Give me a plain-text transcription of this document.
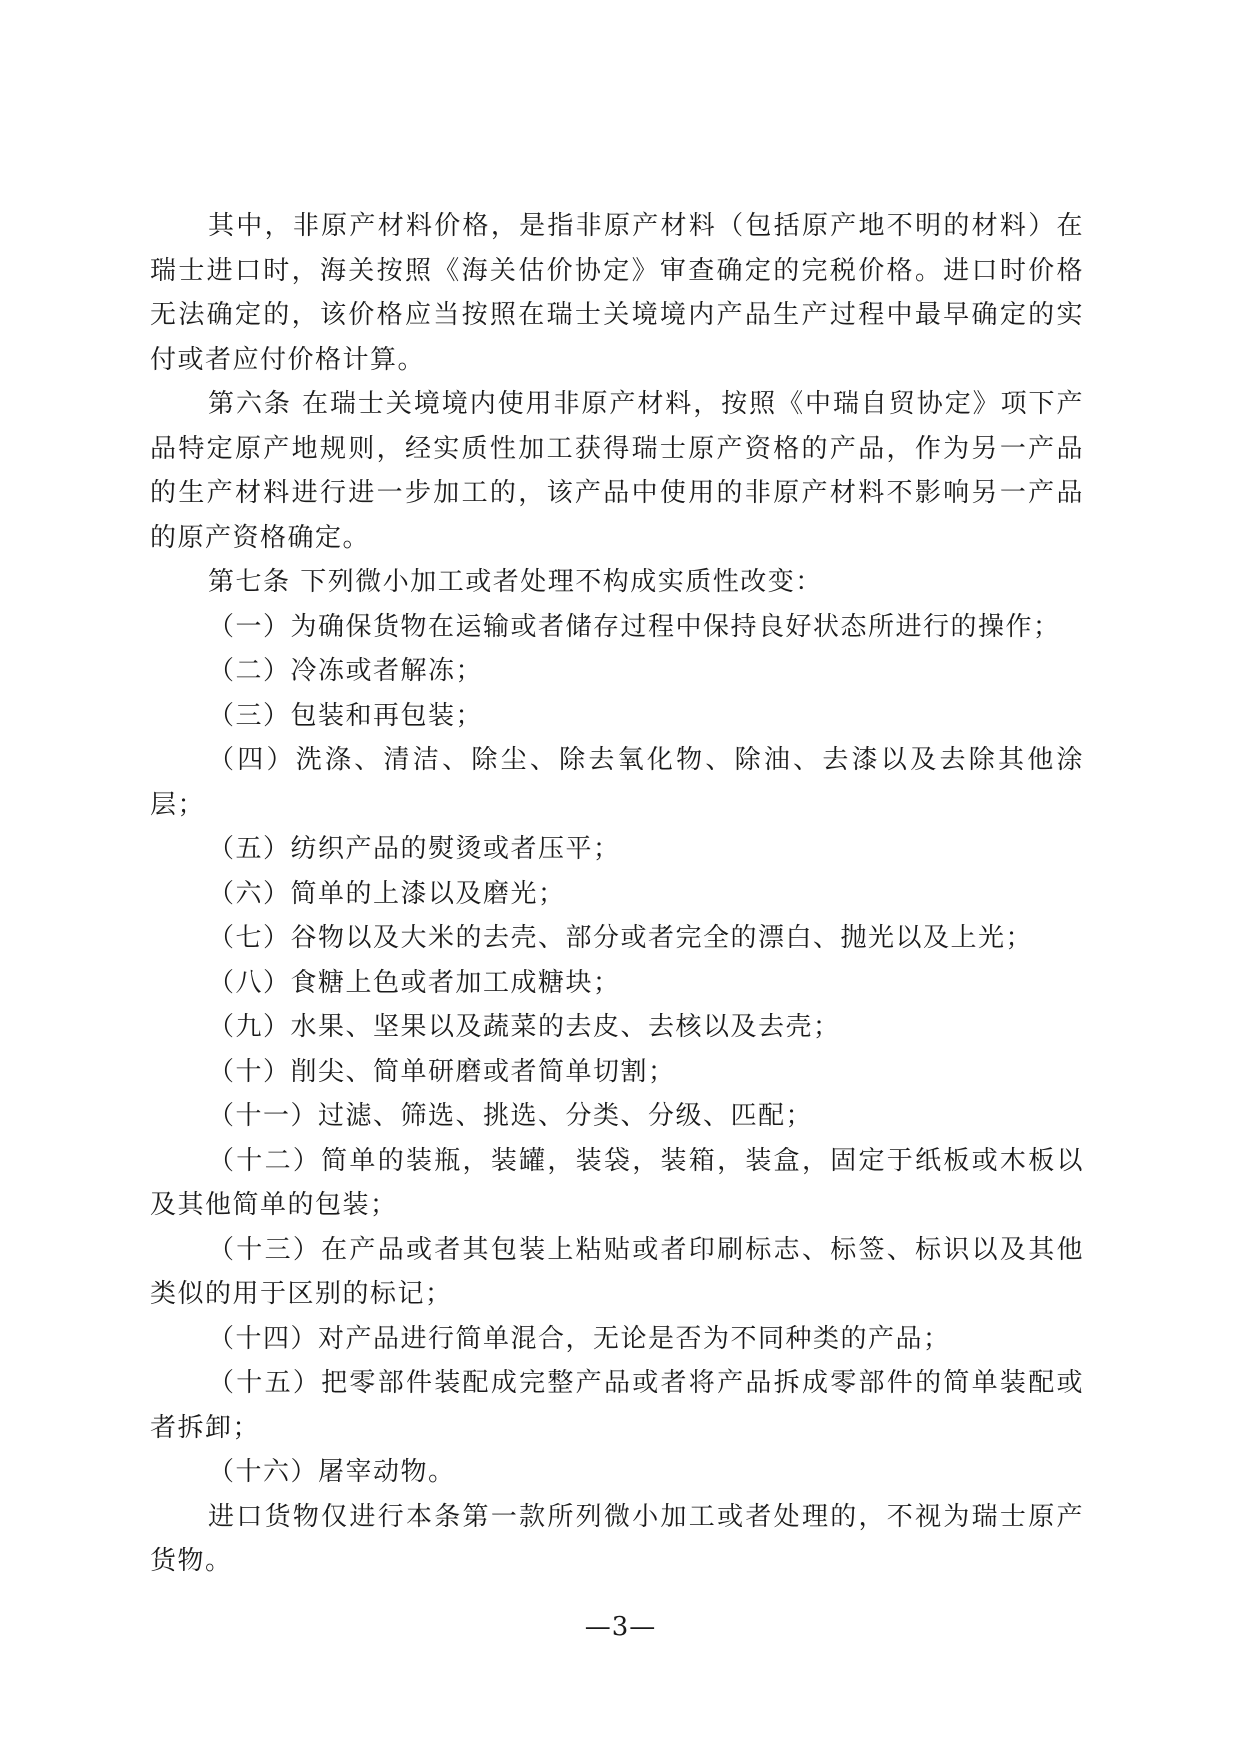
其中，非原产材料价格，是指非原产材料（包括原产地不明的材料）在瑞士进口时，海关按照《海关估价协定》审查确定的完税价格。进口时价格无法确定的，该价格应当按照在瑞士关境境内产品生产过程中最早确定的实付或者应付价格计算。

第六条 在瑞士关境境内使用非原产材料，按照《中瑞自贸协定》项下产品特定原产地规则，经实质性加工获得瑞士原产资格的产品，作为另一产品的生产材料进行进一步加工的，该产品中使用的非原产材料不影响另一产品的原产资格确定。

第七条 下列微小加工或者处理不构成实质性改变：

（一）为确保货物在运输或者储存过程中保持良好状态所进行的操作；

（二）冷冻或者解冻；

（三）包装和再包装；

（四）洗涤、清洁、除尘、除去氧化物、除油、去漆以及去除其他涂层；

（五）纺织产品的熨烫或者压平；

（六）简单的上漆以及磨光；

（七）谷物以及大米的去壳、部分或者完全的漂白、抛光以及上光；

（八）食糖上色或者加工成糖块；

（九）水果、坚果以及蔬菜的去皮、去核以及去壳；

（十）削尖、简单研磨或者简单切割；

（十一）过滤、筛选、挑选、分类、分级、匹配；

（十二）简单的装瓶，装罐，装袋，装箱，装盒，固定于纸板或木板以及其他简单的包装；

（十三）在产品或者其包装上粘贴或者印刷标志、标签、标识以及其他类似的用于区别的标记；

（十四）对产品进行简单混合，无论是否为不同种类的产品；

（十五）把零部件装配成完整产品或者将产品拆成零部件的简单装配或者拆卸；

（十六）屠宰动物。

进口货物仅进行本条第一款所列微小加工或者处理的，不视为瑞士原产货物。

—3—
